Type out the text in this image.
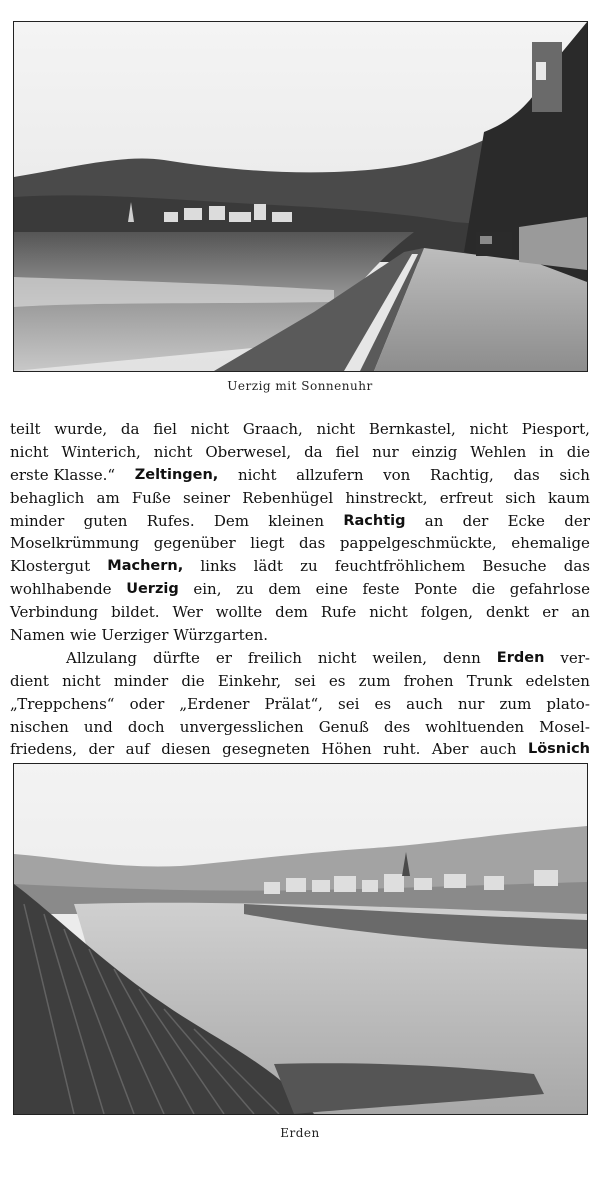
Uerzig mit Sonnenuhr
teilt wurde, da fiel nicht Graach, nicht Bernkastel, nicht Piesport,
nicht Winterich, nicht Oberwesel, da fiel nur einzig Wehlen in die
erste Klasse.“ Zeltingen, nicht allzufern von Rachtig, das sich
behaglich am Fuße seiner Rebenhügel hinstreckt, erfreut sich kaum
minder guten Rufes. Dem kleinen Rachtig an der Ecke der
Moselkrümmung gegenüber liegt das pappelgeschmückte, ehemalige
Klostergut Machern, links lädt zu feuchtfröhlichem Besuche das
wohlhabende Uerzig ein, zu dem eine feste Ponte die gefahrlose
Verbindung bildet. Wer wollte dem Rufe nicht folgen, denkt er an
Namen wie Uerziger Würzgarten.
Allzulang dürfte er freilich nicht weilen, denn Erden ver-
dient nicht minder die Einkehr, sei es zum frohen Trunk edelsten
„Treppchens“ oder „Erdener Prälat“, sei es auch nur zum plato-
nischen und doch unvergesslichen Genuß des wohltuenden Mosel-
friedens, der auf diesen gesegneten Höhen ruht. Aber auch Lösnich
Erden
